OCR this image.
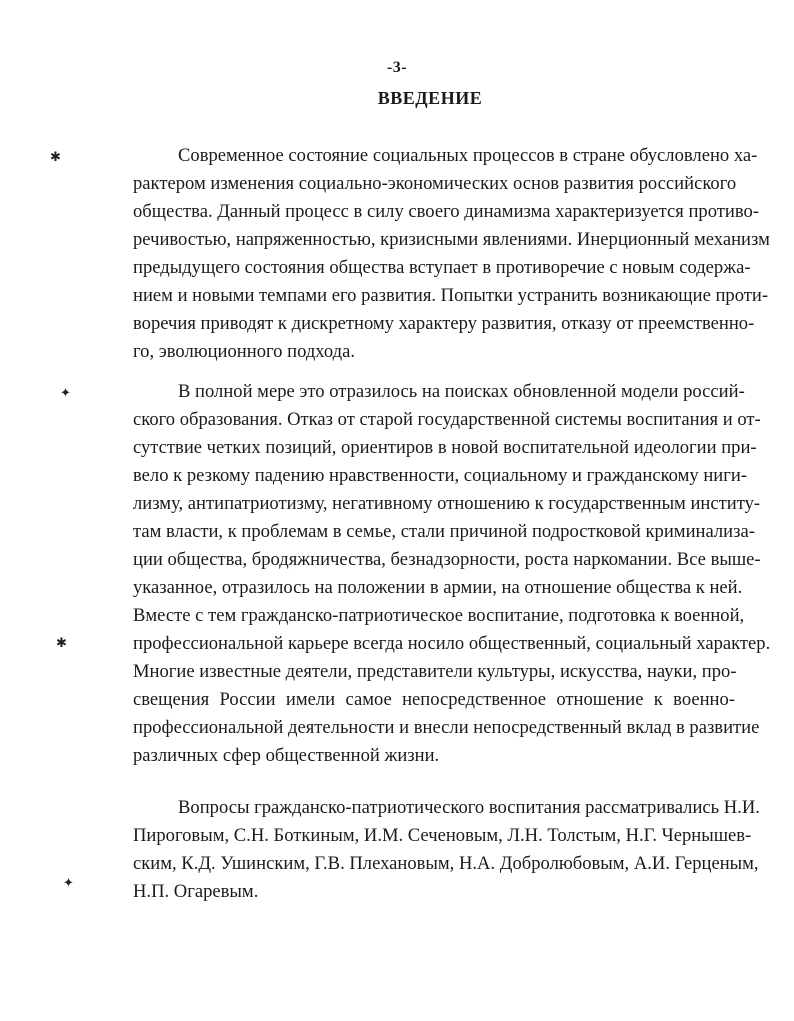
-3-
ВВЕДЕНИЕ
✱
✦
✱
✦
Современное состояние социальных процессов в стране обусловлено ха-
рактером изменения социально-экономических основ развития российского
общества. Данный процесс в силу своего динамизма характеризуется противо-
речивостью, напряженностью, кризисными явлениями. Инерционный механизм
предыдущего состояния общества вступает в противоречие с новым содержа-
нием и новыми темпами его развития. Попытки устранить возникающие проти-
воречия приводят к дискретному характеру развития, отказу от преемственно-
го, эволюционного подхода.
В полной мере это отразилось на поисках обновленной модели россий-
ского образования. Отказ от старой государственной системы воспитания и от-
сутствие четких позиций, ориентиров в новой воспитательной идеологии при-
вело к резкому падению нравственности, социальному и гражданскому ниги-
лизму, антипатриотизму, негативному отношению к государственным институ-
там власти, к проблемам в семье, стали причиной подростковой криминализа-
ции общества, бродяжничества, безнадзорности, роста наркомании. Все выше-
указанное, отразилось на положении в армии, на отношение общества к ней.
Вместе с тем гражданско-патриотическое воспитание, подготовка к военной,
профессиональной карьере всегда носило общественный, социальный характер.
Многие известные деятели, представители культуры, искусства, науки, про-
свещения России имели самое непосредственное отношение к военно-
профессиональной деятельности и внесли непосредственный вклад в развитие
различных сфер общественной жизни.
Вопросы гражданско-патриотического воспитания рассматривались Н.И.
Пироговым, С.Н. Боткиным, И.М. Сеченовым, Л.Н. Толстым, Н.Г. Чернышев-
ским, К.Д. Ушинским, Г.В. Плехановым, Н.А. Добролюбовым, А.И. Герценым,
Н.П. Огаревым.
